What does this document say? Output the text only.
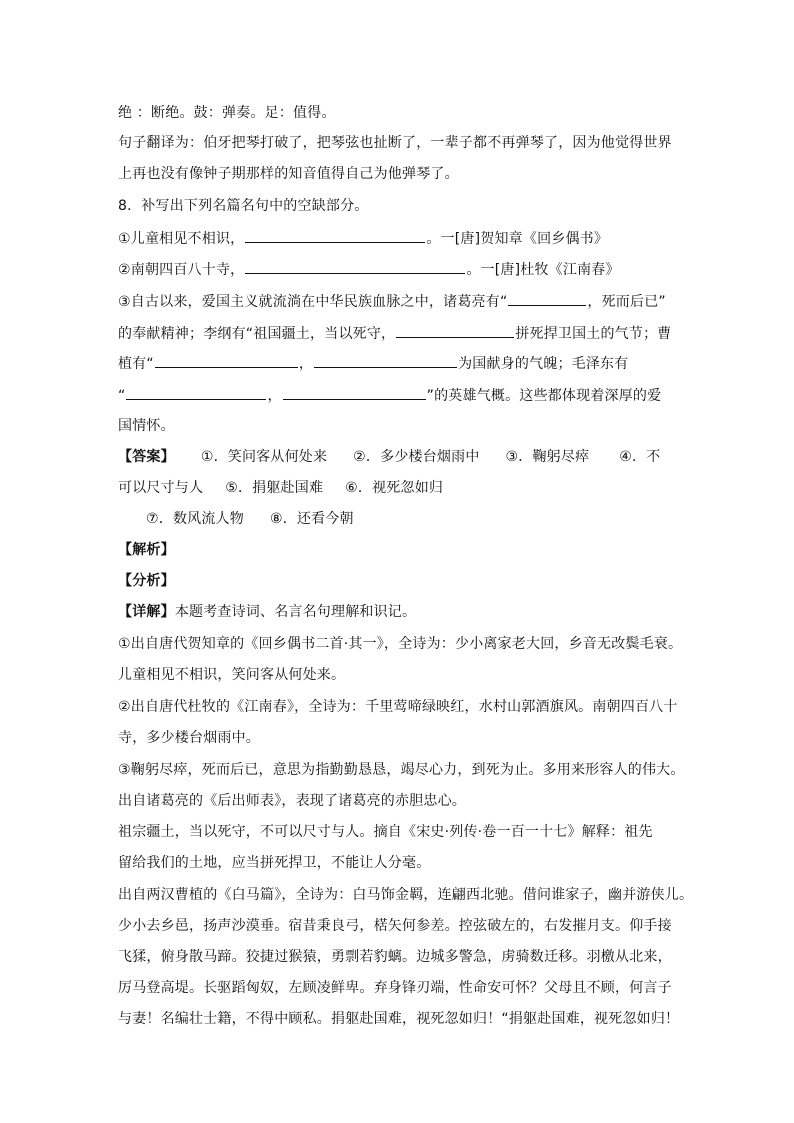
绝 ：断绝。鼓：弹奏。足：值得。
句子翻译为：伯牙把琴打破了，把琴弦也扯断了，一辈子都不再弹琴了，因为他觉得世界
上再也没有像钟子期那样的知音值得自己为他弹琴了。
8．补写出下列名篇名句中的空缺部分。
①儿童相见不相识，	。一[唐]贺知章《回乡偶书》
②南朝四百八十寺，	。一[唐]杜牧《江南春》
③自古以来，爱国主义就流淌在中华民族血脉之中，诸葛亮有“	，死而后已”
的奉献精神；李纲有“祖国疆土，当以死守，	拼死捍卫国土的气节；曹
植有“	，	为国献身的气魄；毛泽东有
“	，	”的英雄气概。这些都体现着深厚的爱
国情怀。
【答案】 ①．笑问客从何处来 ②．多少楼台烟雨中 ③．鞠躬尽瘁 ④．不
可以尺寸与人 ⑤．捐躯赴国难 ⑥．视死忽如归
⑦．数风流人物 ⑧．还看今朝
【解析】
【分析】
【详解】本题考查诗词、名言名句理解和识记。
①出自唐代贺知章的《回乡偶书二首·其一》，全诗为：少小离家老大回，乡音无改鬓毛衰。
儿童相见不相识，笑问客从何处来。
②出自唐代杜牧的《江南春》，全诗为：千里莺啼绿映红，水村山郭酒旗风。南朝四百八十
寺，多少楼台烟雨中。
③鞠躬尽瘁，死而后已，意思为指勤勤恳恳，竭尽心力，到死为止。多用来形容人的伟大。
出自诸葛亮的《后出师表》，表现了诸葛亮的赤胆忠心。
祖宗疆土，当以死守，不可以尺寸与人。摘自《宋史·列传·卷一百一十七》解释：祖先
留给我们的土地，应当拼死捍卫，不能让人分毫。
出自两汉曹植的《白马篇》，全诗为：白马饰金羁，连翩西北驰。借问谁家子，幽并游侠儿。
少小去乡邑，扬声沙漠垂。宿昔秉良弓，楛矢何参差。控弦破左的，右发摧月支。仰手接
飞猱，俯身散马蹄。狡捷过猴猿，勇剽若豹螭。边城多警急，虏骑数迁移。羽檄从北来，
厉马登高堤。长驱蹈匈奴，左顾凌鲜卑。弃身锋刃端，性命安可怀？父母且不顾，何言子
与妻！名编壮士籍，不得中顾私。捐躯赴国难，视死忽如归！“捐躯赴国难，视死忽如归！
